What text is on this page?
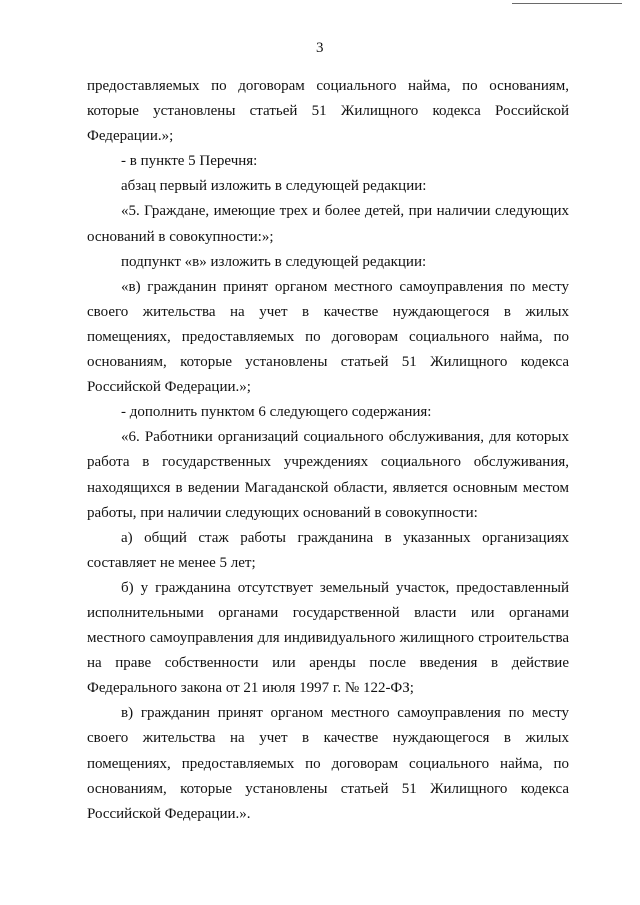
3

предоставляемых по договорам социального найма, по основаниям, которые установлены статьей 51 Жилищного кодекса Российской Федерации.»;

- в пункте 5 Перечня:

абзац первый изложить в следующей редакции:

«5. Граждане, имеющие трех и более детей, при наличии следующих оснований в совокупности:»;

подпункт «в» изложить в следующей редакции:

«в) гражданин принят органом местного самоуправления по месту своего жительства на учет в качестве нуждающегося в жилых помещениях, предоставляемых по договорам социального найма, по основаниям, которые установлены статьей 51 Жилищного кодекса Российской Федерации.»;

- дополнить пунктом 6 следующего содержания:

«6. Работники организаций социального обслуживания, для которых работа в государственных учреждениях социального обслуживания, находящихся в ведении Магаданской области, является основным местом работы, при наличии следующих оснований в совокупности:

а) общий стаж работы гражданина в указанных организациях составляет не менее 5 лет;

б) у гражданина отсутствует земельный участок, предоставленный исполнительными органами государственной власти или органами местного самоуправления для индивидуального жилищного строительства на праве собственности или аренды после введения в действие Федерального закона от 21 июля 1997 г. № 122-ФЗ;

в) гражданин принят органом местного самоуправления по месту своего жительства на учет в качестве нуждающегося в жилых помещениях, предоставляемых по договорам социального найма, по основаниям, которые установлены статьей 51 Жилищного кодекса Российской Федерации.».
